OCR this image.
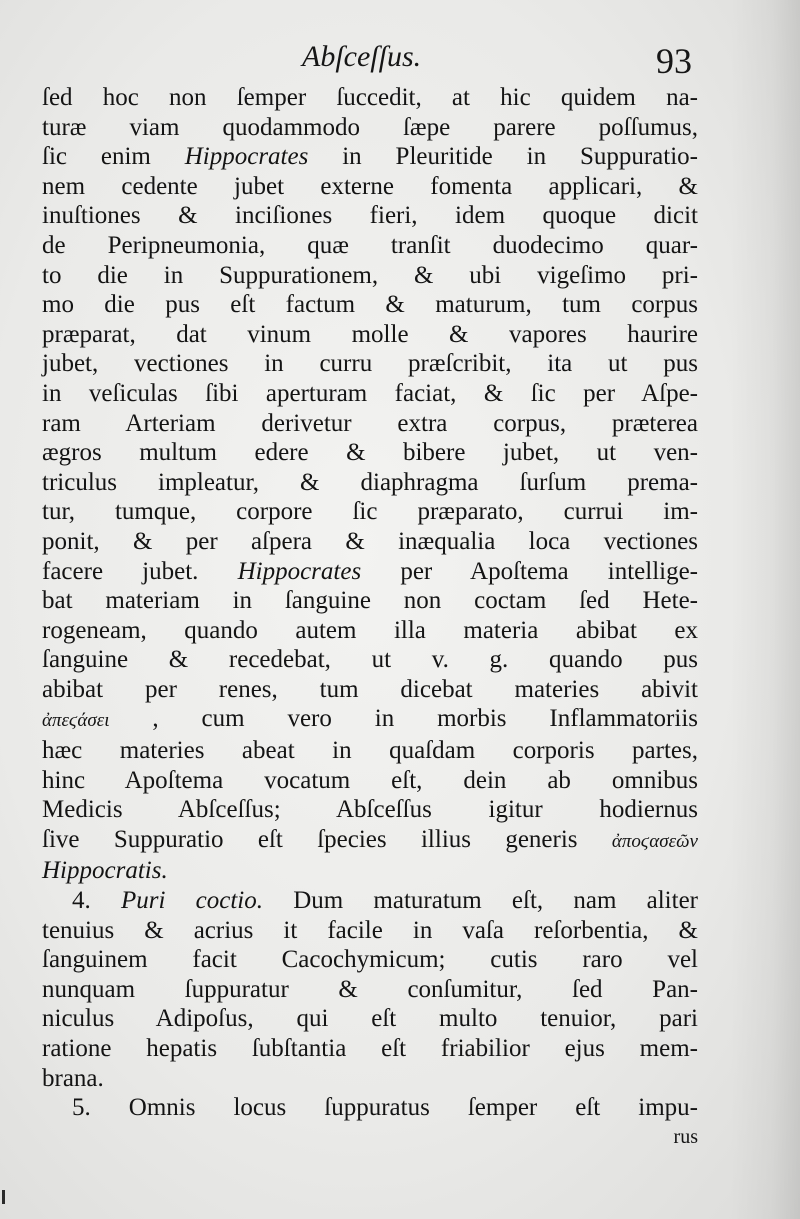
Abſceſſus.	93
ſed hoc non ſemper ſuccedit, at hic quidem na-
turæ viam quodammodo ſæpe parere poſſumus,
ſic enim Hippocrates in Pleuritide in Suppuratio-
nem cedente jubet externe fomenta applicari, &
inuſtiones & inciſiones fieri, idem quoque dicit
de Peripneumonia, quæ tranſit duodecimo quar-
to die in Suppurationem, & ubi vigeſimo pri-
mo die pus eſt factum & maturum, tum corpus
præparat, dat vinum molle & vapores haurire
jubet, vectiones in curru præſcribit, ita ut pus
in veſiculas ſibi aperturam faciat, & ſic per Aſpe-
ram Arteriam derivetur extra corpus, præterea
ægros multum edere & bibere jubet, ut ven-
triculus impleatur, & diaphragma ſurſum prema-
tur, tumque, corpore ſic præparato, currui im-
ponit, & per aſpera & inæqualia loca vectiones
facere jubet. Hippocrates per Apoſtema intellige-
bat materiam in ſanguine non coctam ſed Hete-
rogeneam, quando autem illa materia abibat ex
ſanguine & recedebat, ut v. g. quando pus
abibat per renes, tum dicebat materies abivit
ἀπεϛάσει , cum vero in morbis Inflammatoriis
hæc materies abeat in quaſdam corporis partes,
hinc Apoſtema vocatum eſt, dein ab omnibus
Medicis Abſceſſus; Abſceſſus igitur hodiernus
ſive Suppuratio eſt ſpecies illius generis ἀποϛασεῶν
Hippocratis.
4. Puri coctio. Dum maturatum eſt, nam aliter
tenuius & acrius it facile in vaſa reſorbentia, &
ſanguinem facit Cacochymicum; cutis raro vel
nunquam ſuppuratur & conſumitur, ſed Pan-
niculus Adipoſus, qui eſt multo tenuior, pari
ratione hepatis ſubſtantia eſt friabilior ejus mem-
brana.
5. Omnis locus ſuppuratus ſemper eſt impu-
rus
